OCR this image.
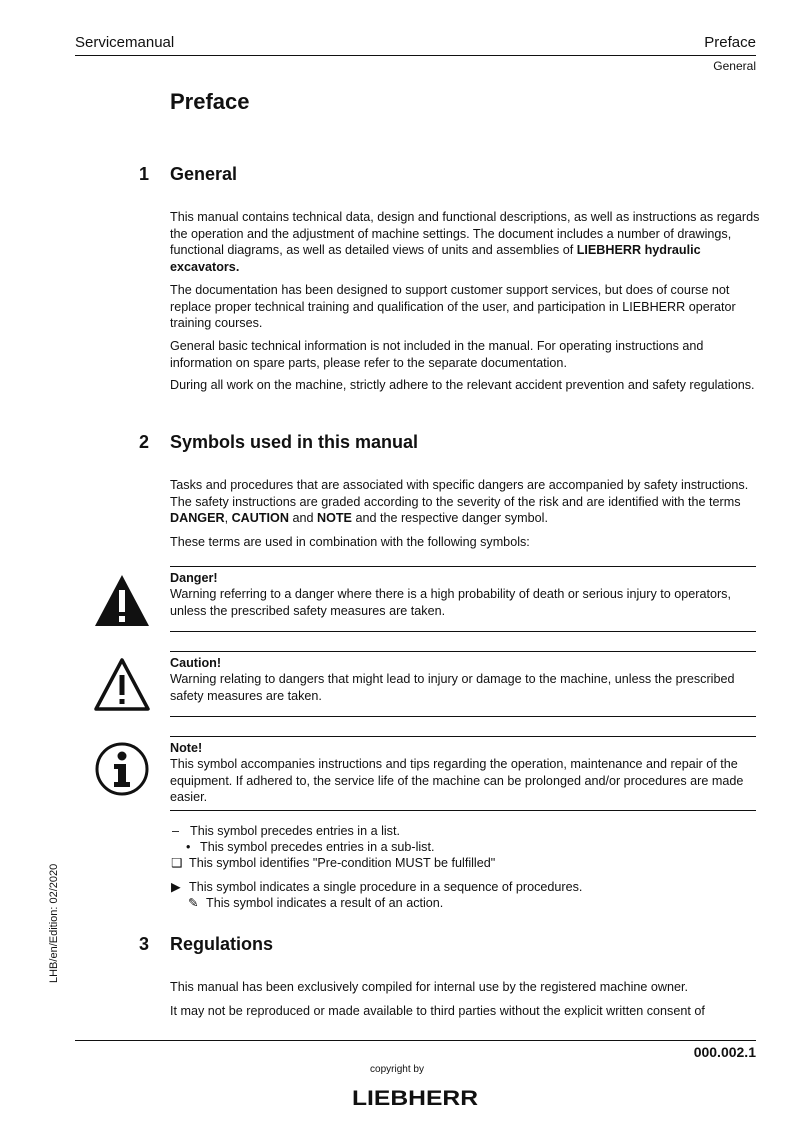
Servicemanual	Preface
General
Preface
1 General

This manual contains technical data, design and functional descriptions, as well as instructions as regards the operation and the adjustment of machine settings. The document includes a number of drawings, functional diagrams, as well as detailed views of units and assemblies of LIEBHERR hydraulic excavators.

The documentation has been designed to support customer support services, but does of course not replace proper technical training and qualification of the user, and participation in LIEBHERR operator training courses.

General basic technical information is not included in the manual. For operating instructions and information on spare parts, please refer to the separate documentation.

During all work on the machine, strictly adhere to the relevant accident prevention and safety regulations.

2 Symbols used in this manual

Tasks and procedures that are associated with specific dangers are accompanied by safety instructions. The safety instructions are graded according to the severity of the risk and are identified with the terms DANGER, CAUTION and NOTE and the respective danger symbol.

These terms are used in combination with the following symbols:

Danger!

Warning referring to a danger where there is a high probability of death or serious injury to operators, unless the prescribed safety measures are taken.

Caution!

Warning relating to dangers that might lead to injury or damage to the machine, unless the prescribed safety measures are taken.

Note!

This symbol accompanies instructions and tips regarding the operation, maintenance and repair of the equipment. If adhered to, the service life of the machine can be prolonged and/or procedures are made easier.

– This symbol precedes entries in a list.
• This symbol precedes entries in a sub-list.
❑ This symbol identifies "Pre-condition MUST be fulfilled"
▶ This symbol indicates a single procedure in a sequence of procedures.
✎ This symbol indicates a result of an action.
3 Regulations

This manual has been exclusively compiled for internal use by the registered machine owner.

It may not be reproduced or made available to third parties without the explicit written consent of

LHB/en/Edition: 02/2020
000.002.1
copyright by
LIEBHERR
